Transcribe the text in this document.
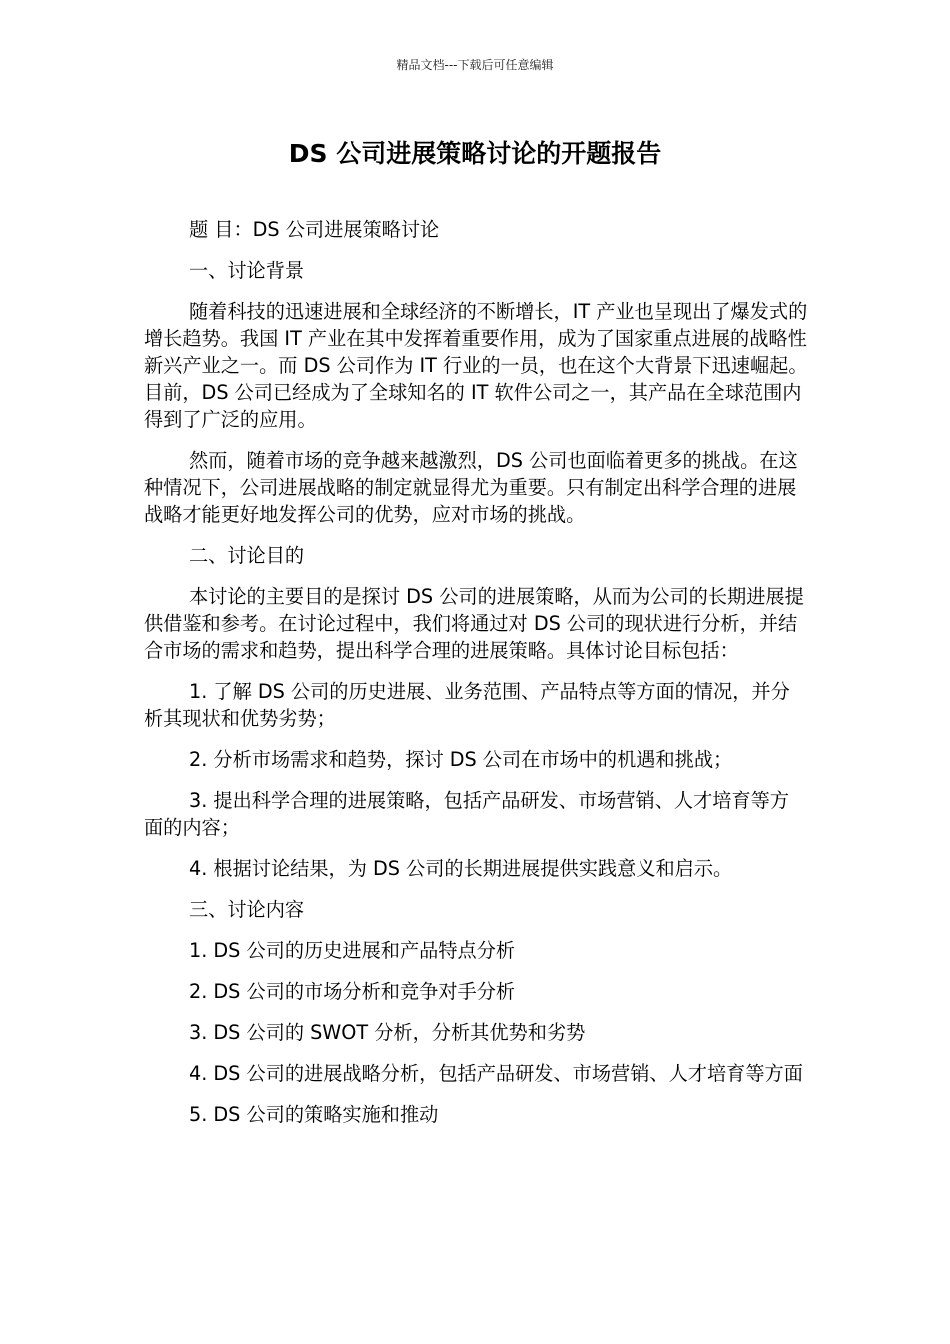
精品文档---下载后可任意编辑
DS 公司进展策略讨论的开题报告

题 目：DS 公司进展策略讨论

一、讨论背景

随着科技的迅速进展和全球经济的不断增长，IT 产业也呈现出了爆发式的增长趋势。我国 IT 产业在其中发挥着重要作用，成为了国家重点进展的战略性新兴产业之一。而 DS 公司作为 IT 行业的一员，也在这个大背景下迅速崛起。目前，DS 公司已经成为了全球知名的 IT 软件公司之一，其产品在全球范围内得到了广泛的应用。

然而，随着市场的竞争越来越激烈，DS 公司也面临着更多的挑战。在这种情况下，公司进展战略的制定就显得尤为重要。只有制定出科学合理的进展战略才能更好地发挥公司的优势，应对市场的挑战。

二、讨论目的

本讨论的主要目的是探讨 DS 公司的进展策略，从而为公司的长期进展提供借鉴和参考。在讨论过程中，我们将通过对 DS 公司的现状进行分析，并结合市场的需求和趋势，提出科学合理的进展策略。具体讨论目标包括：

1. 了解 DS 公司的历史进展、业务范围、产品特点等方面的情况，并分析其现状和优势劣势；

2. 分析市场需求和趋势，探讨 DS 公司在市场中的机遇和挑战；

3. 提出科学合理的进展策略，包括产品研发、市场营销、人才培育等方面的内容；

4. 根据讨论结果，为 DS 公司的长期进展提供实践意义和启示。

三、讨论内容

1. DS 公司的历史进展和产品特点分析

2. DS 公司的市场分析和竞争对手分析

3. DS 公司的 SWOT 分析，分析其优势和劣势

4. DS 公司的进展战略分析，包括产品研发、市场营销、人才培育等方面

5. DS 公司的策略实施和推动
